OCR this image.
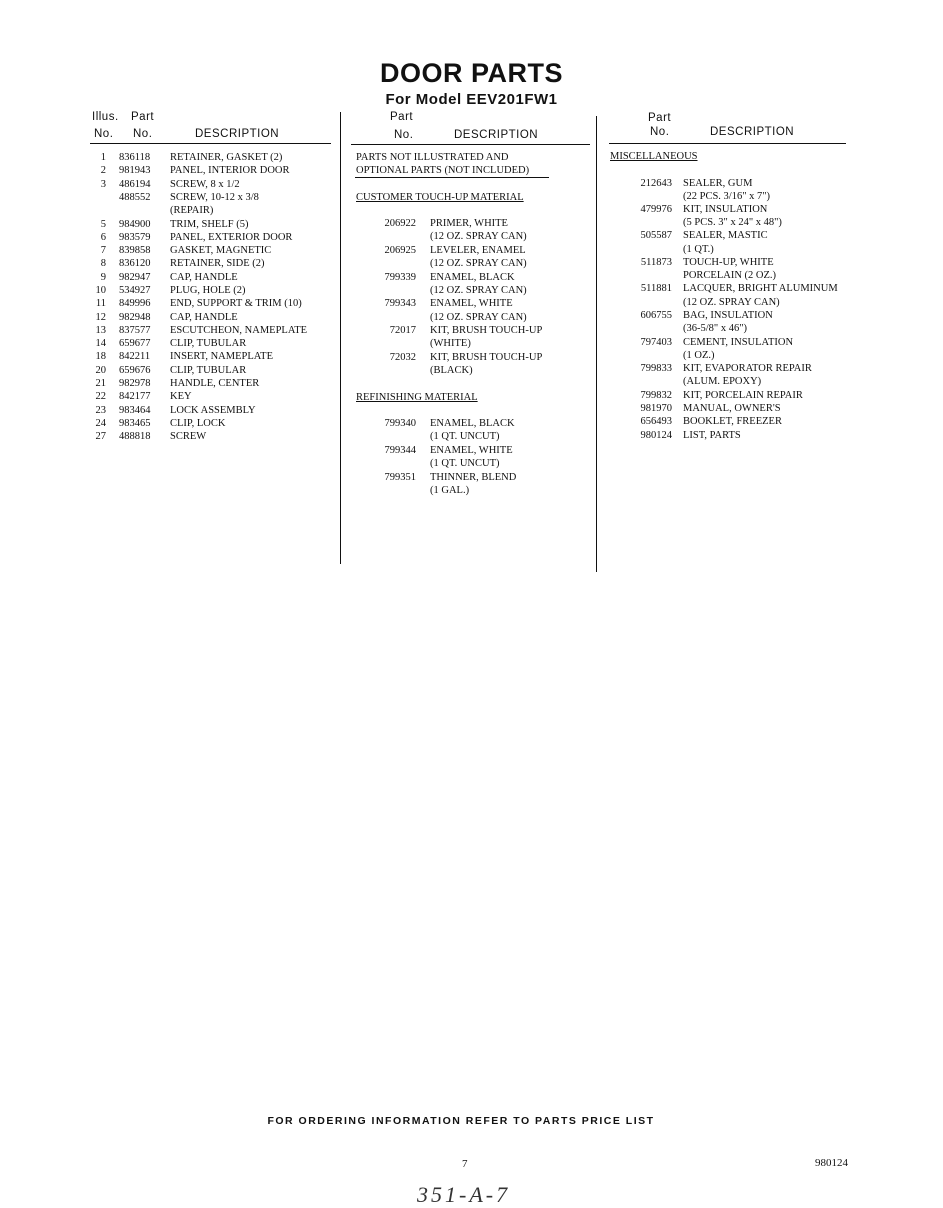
DOOR PARTS
For Model EEV201FW1
Illus. Part
No. No.	DESCRIPTION
Part
No.	DESCRIPTION
Part
No.	DESCRIPTION
1 836118 RETAINER, GASKET (2)
2 981943 PANEL, INTERIOR DOOR
3 486194 SCREW, 8 x 1/2
488552 SCREW, 10-12 x 3/8
(REPAIR)
5 984900 TRIM, SHELF (5)
6 983579 PANEL, EXTERIOR DOOR
7 839858 GASKET, MAGNETIC
8 836120 RETAINER, SIDE (2)
9 982947 CAP, HANDLE
10 534927 PLUG, HOLE (2)
11 849996 END, SUPPORT & TRIM (10)
12 982948 CAP, HANDLE
13 837577 ESCUTCHEON, NAMEPLATE
14 659677 CLIP, TUBULAR
18 842211 INSERT, NAMEPLATE
20 659676 CLIP, TUBULAR
21 982978 HANDLE, CENTER
22 842177 KEY
23 983464 LOCK ASSEMBLY
24 983465 CLIP, LOCK
27 488818 SCREW
PARTS NOT ILLUSTRATED AND
OPTIONAL PARTS (NOT INCLUDED)
CUSTOMER TOUCH-UP MATERIAL
206922 PRIMER, WHITE
(12 OZ. SPRAY CAN)
206925 LEVELER, ENAMEL
(12 OZ. SPRAY CAN)
799339 ENAMEL, BLACK
(12 OZ. SPRAY CAN)
799343 ENAMEL, WHITE
(12 OZ. SPRAY CAN)
72017 KIT, BRUSH TOUCH-UP
(WHITE)
72032 KIT, BRUSH TOUCH-UP
(BLACK)
REFINISHING MATERIAL
799340 ENAMEL, BLACK
(1 QT. UNCUT)
799344 ENAMEL, WHITE
(1 QT. UNCUT)
799351 THINNER, BLEND
(1 GAL.)
MISCELLANEOUS
212643 SEALER, GUM
(22 PCS. 3/16" x 7")
479976 KIT, INSULATION
(5 PCS. 3" x 24" x 48")
505587 SEALER, MASTIC
(1 QT.)
511873 TOUCH-UP, WHITE
PORCELAIN (2 OZ.)
511881 LACQUER, BRIGHT ALUMINUM
(12 OZ. SPRAY CAN)
606755 BAG, INSULATION
(36-5/8" x 46")
797403 CEMENT, INSULATION
(1 OZ.)
799833 KIT, EVAPORATOR REPAIR
(ALUM. EPOXY)
799832 KIT, PORCELAIN REPAIR
981970 MANUAL, OWNER'S
656493 BOOKLET, FREEZER
980124 LIST, PARTS
FOR ORDERING INFORMATION REFER TO PARTS PRICE LIST
7	980124
351-A-7
